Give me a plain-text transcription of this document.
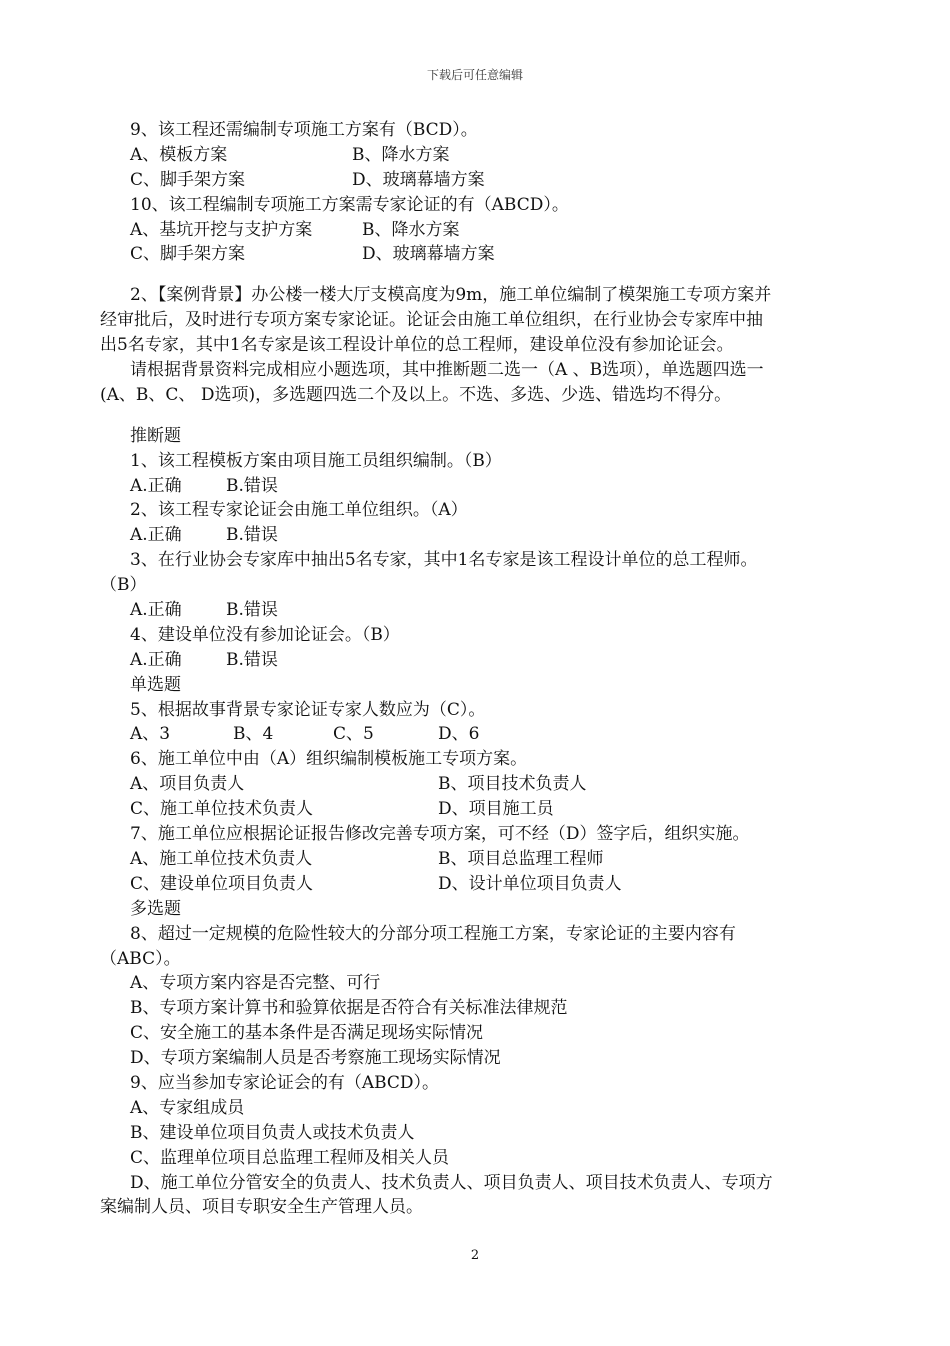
下载后可任意编辑
9、该工程还需编制专项施工方案有（BCD）。
A、模板方案	B、降水方案
C、脚手架方案	D、玻璃幕墙方案
10、该工程编制专项施工方案需专家论证的有（ABCD）。
A、基坑开挖与支护方案	B、降水方案
C、脚手架方案	D、玻璃幕墙方案
2、【案例背景】办公楼一楼大厅支模高度为9m，施工单位编制了模架施工专项方案并
经审批后，及时进行专项方案专家论证。论证会由施工单位组织，在行业协会专家库中抽
出5名专家，其中1名专家是该工程设计单位的总工程师，建设单位没有参加论证会。
请根据背景资料完成相应小题选项，其中推断题二选一（A 、B选项），单选题四选一
(A、B、C、 D选项)，多选题四选二个及以上。不选、多选、少选、错选均不得分。
推断题
1、该工程模板方案由项目施工员组织编制。（B）
A.正确	B.错误
2、该工程专家论证会由施工单位组织。（A）
A.正确	B.错误
3、在行业协会专家库中抽出5名专家，其中1名专家是该工程设计单位的总工程师。
（B）
A.正确	B.错误
4、建设单位没有参加论证会。（B）
A.正确	B.错误
单选题
5、根据故事背景专家论证专家人数应为（C）。
A、3	B、4	C、5	D、6
6、施工单位中由（A）组织编制模板施工专项方案。
A、项目负责人	B、项目技术负责人
C、施工单位技术负责人	D、项目施工员
7、施工单位应根据论证报告修改完善专项方案，可不经（D）签字后，组织实施。
A、施工单位技术负责人	B、项目总监理工程师
C、建设单位项目负责人	D、设计单位项目负责人
多选题
8、超过一定规模的危险性较大的分部分项工程施工方案，专家论证的主要内容有
（ABC）。
A、专项方案内容是否完整、可行
B、专项方案计算书和验算依据是否符合有关标准法律规范
C、安全施工的基本条件是否满足现场实际情况
D、专项方案编制人员是否考察施工现场实际情况
9、应当参加专家论证会的有（ABCD）。
A、专家组成员
B、建设单位项目负责人或技术负责人
C、监理单位项目总监理工程师及相关人员
D、施工单位分管安全的负责人、技术负责人、项目负责人、项目技术负责人、专项方
案编制人员、项目专职安全生产管理人员。
2
